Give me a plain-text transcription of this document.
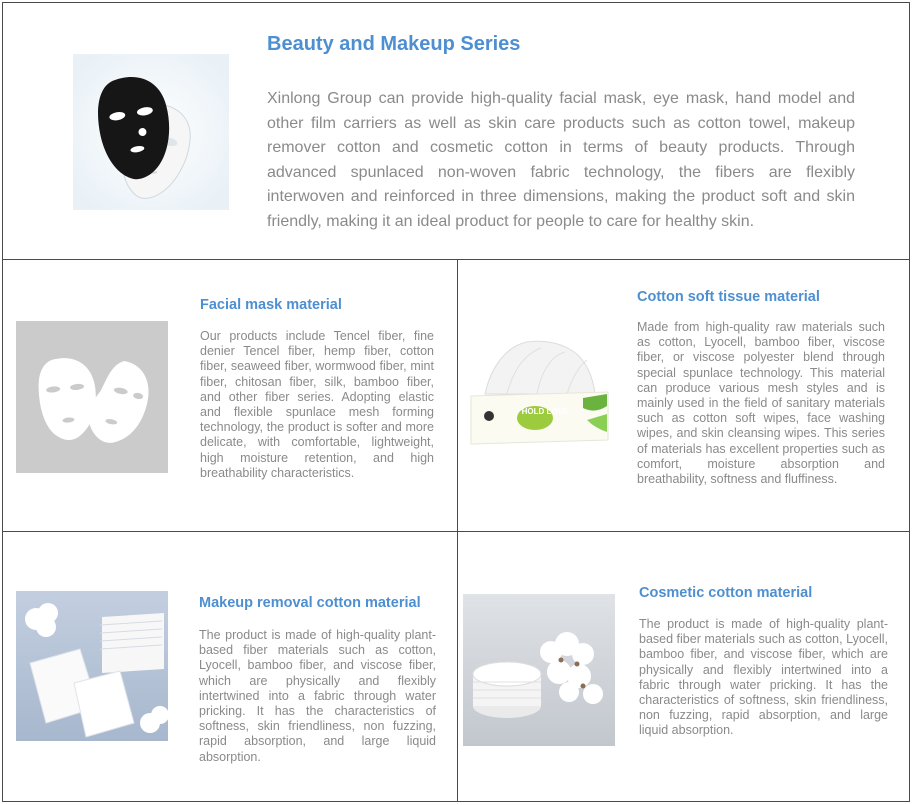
Beauty and Makeup Series

Xinlong Group can provide high-quality facial mask, eye mask, hand model and other film carriers as well as skin care products such as cotton towel, makeup remover cotton and cosmetic cotton in terms of beauty products. Through advanced spunlaced non-woven fabric technology, the fibers are flexibly interwoven and reinforced in three dimensions, making the product soft and skin friendly, making it an ideal product for people to care for healthy skin.

Facial mask material

Our products include Tencel fiber, fine denier Tencel fiber, hemp fiber, cotton fiber, seaweed fiber, wormwood fiber, mint fiber, chitosan fiber, silk, bamboo fiber, and other fiber series. Adopting elastic and flexible spunlace mesh forming technology, the product is softer and more delicate, with comfortable, lightweight, high moisture retention, and high breathability characteristics.

HOLD LOVE
Cotton soft tissue material

Made from high-quality raw materials such as cotton, Lyocell, bamboo fiber, viscose fiber, or viscose polyester blend through special spunlace technology. This material can produce various mesh styles and is mainly used in the field of sanitary materials such as cotton soft wipes, face washing wipes, and skin cleansing wipes. This series of materials has excellent properties such as comfort, moisture absorption and breathability, softness and fluffiness.

Makeup removal cotton material

The product is made of high-quality plant-based fiber materials such as cotton, Lyocell, bamboo fiber, and viscose fiber, which are physically and flexibly intertwined into a fabric through water pricking. It has the characteristics of softness, skin friendliness, non fuzzing, rapid absorption, and large liquid absorption.

Cosmetic cotton material

The product is made of high-quality plant-based fiber materials such as cotton, Lyocell, bamboo fiber, and viscose fiber, which are physically and flexibly intertwined into a fabric through water pricking. It has the characteristics of softness, skin friendliness, non fuzzing, rapid absorption, and large liquid absorption.
